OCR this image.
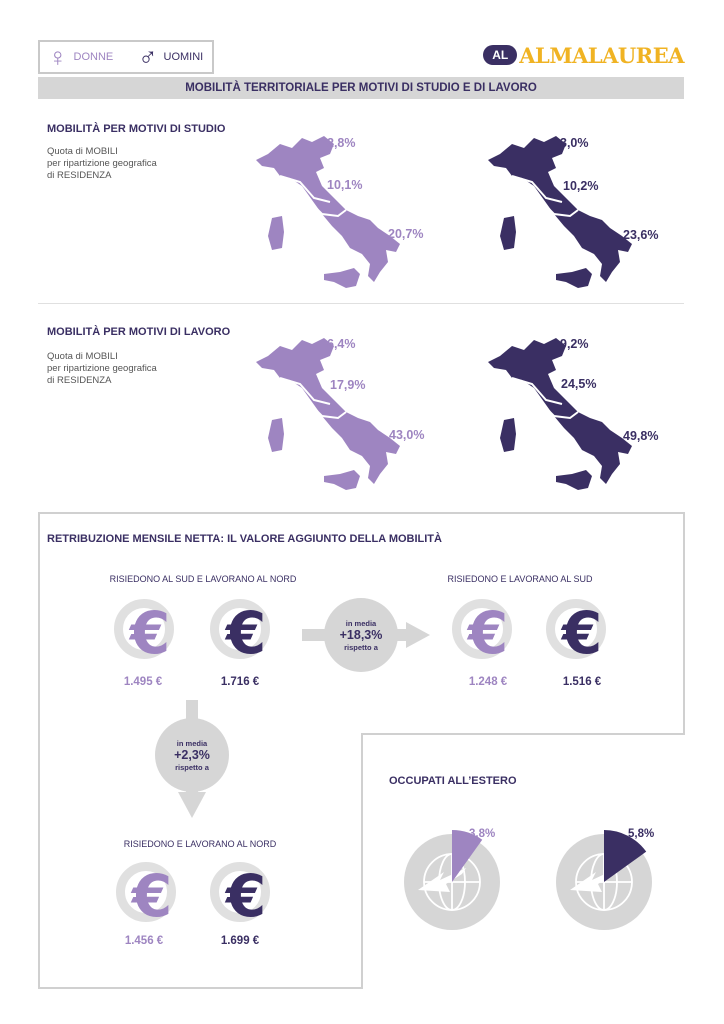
♀ DONNE ♂ UOMINI	AL ALMALAUREA
MOBILITÀ TERRITORIALE PER MOTIVI DI STUDIO E DI LAVORO
MOBILITÀ PER MOTIVI DI STUDIO
Quota di MOBILI
per ripartizione geografica
di RESIDENZA
2,8%
10,1%
20,7%
3,0%
10,2%
23,6%
MOBILITÀ PER MOTIVI DI LAVORO
Quota di MOBILI
per ripartizione geografica
di RESIDENZA
6,4%
17,9%
43,0%
9,2%
24,5%
49,8%
RETRIBUZIONE MENSILE NETTA: IL VALORE AGGIUNTO DELLA MOBILITÀ
RISIEDONO AL SUD E LAVORANO AL NORD
€ €
1.495 €	1.716 €
in media
+18,3%
rispetto a
RISIEDONO E LAVORANO AL SUD
€ €
1.248 €	1.516 €
in media
+2,3%
rispetto a
RISIEDONO E LAVORANO AL NORD
€ €
1.456 €	1.699 €
OCCUPATI ALL’ESTERO
3,8%	5,8%
